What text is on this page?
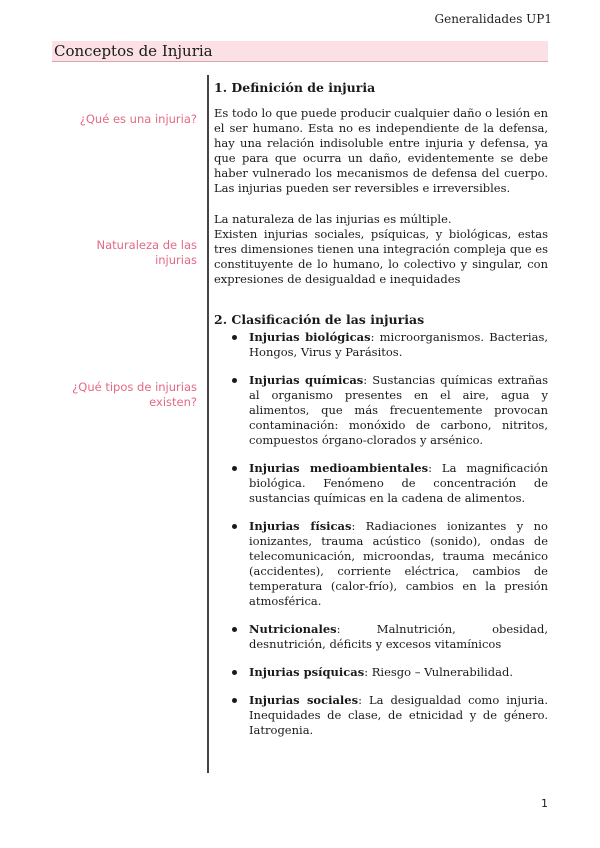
Generalidades UP1
Conceptos de Injuria
¿Qué es una injuria?
Naturaleza de las injurias
¿Qué tipos de injurias existen?
1. Definición de injuria
Es todo lo que puede producir cualquier daño o lesión en el ser humano. Esta no es independiente de la defensa, hay una relación indisoluble entre injuria y defensa, ya que para que ocurra un daño, evidentemente se debe haber vulnerado los mecanismos de defensa del cuerpo. Las injurias pueden ser reversibles e irreversibles.
La naturaleza de las injurias es múltiple.
Existen injurias sociales, psíquicas, y biológicas, estas tres dimensiones tienen una integración compleja que es constituyente de lo humano, lo colectivo y singular, con expresiones de desigualdad e inequidades
2. Clasificación de las injurias
Injurias biológicas: microorganismos. Bacterias, Hongos, Virus y Parásitos.
Injurias químicas: Sustancias químicas extrañas al organismo presentes en el aire, agua y alimentos, que más frecuentemente provocan contaminación: monóxido de carbono, nitritos, compuestos órgano-clorados y arsénico.
Injurias medioambientales: La magnificación biológica. Fenómeno de concentración de sustancias químicas en la cadena de alimentos.
Injurias físicas: Radiaciones ionizantes y no ionizantes, trauma acústico (sonido), ondas de telecomunicación, microondas, trauma mecánico (accidentes), corriente eléctrica, cambios de temperatura (calor-frío), cambios en la presión atmosférica.
Nutricionales: Malnutrición, obesidad, desnutrición, déficits y excesos vitamínicos
Injurias psíquicas: Riesgo – Vulnerabilidad.
Injurias sociales: La desigualdad como injuria. Inequidades de clase, de etnicidad y de género. Iatrogenia.
1
